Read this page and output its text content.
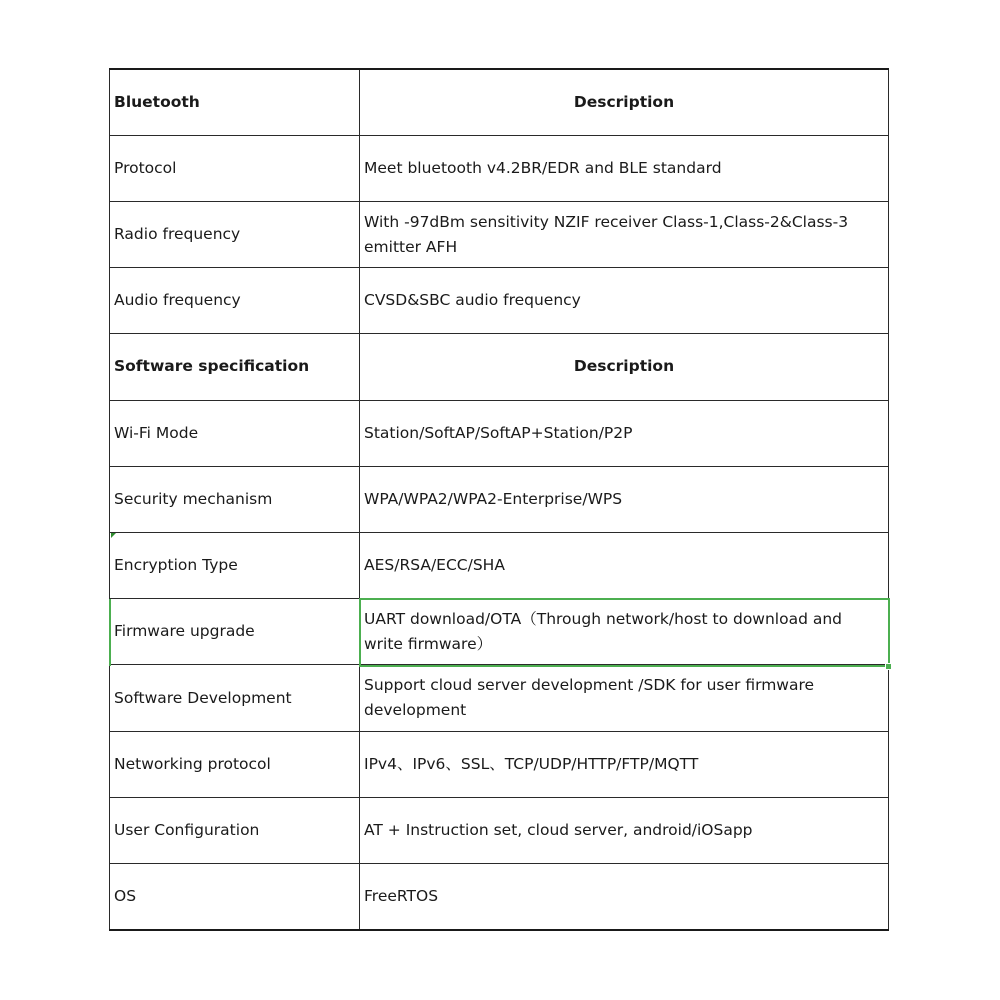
Bluetooth	Description
Protocol	Meet bluetooth v4.2BR/EDR and BLE standard
Radio frequency	With -97dBm sensitivity NZIF receiver Class-1,Class-2&Class-3 emitter AFH
Audio frequency	CVSD&SBC audio frequency
Software specification	Description
Wi-Fi Mode	Station/SoftAP/SoftAP+Station/P2P
Security mechanism	WPA/WPA2/WPA2-Enterprise/WPS
Encryption Type	AES/RSA/ECC/SHA
Firmware upgrade	UART download/OTA（Through network/host to download and write firmware）
Software Development	Support cloud server development /SDK for user firmware development
Networking protocol	IPv4、IPv6、SSL、TCP/UDP/HTTP/FTP/MQTT
User Configuration	AT + Instruction set, cloud server, android/iOSapp
OS	FreeRTOS
